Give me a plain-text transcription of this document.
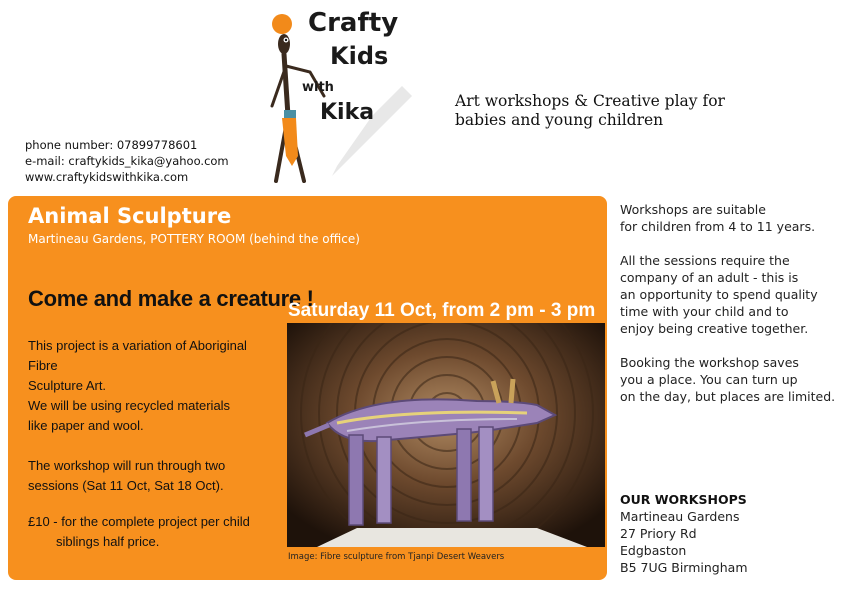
Crafty
Kids
with
Kika	Art workshops & Creative play for
babies and young children
phone number: 07899778601
e-mail: craftykids_kika@yahoo.com
www.craftykidswithkika.com
Animal Sculpture
Martineau Gardens, POTTERY ROOM (behind the office)
Come and make a creature !
Saturday 11 Oct, from 2 pm - 3 pm

This project is a variation of Aboriginal Fibre
Sculpture Art.
We will be using recycled materials
like paper and wool.

The workshop will run through two
sessions (Sat 11 Oct, Sat 18 Oct).

£10 - for the complete project per child
siblings half price.
Image: Fibre sculpture from Tjanpi Desert Weavers

Workshops are suitable
for children from 4 to 11 years.

All the sessions require the
company of an adult - this is
an opportunity to spend quality
time with your child and to
enjoy being creative together.

Booking the workshop saves
you a place. You can turn up
on the day, but places are limited.

OUR WORKSHOPS
Martineau Gardens
27 Priory Rd
Edgbaston
B5 7UG Birmingham
